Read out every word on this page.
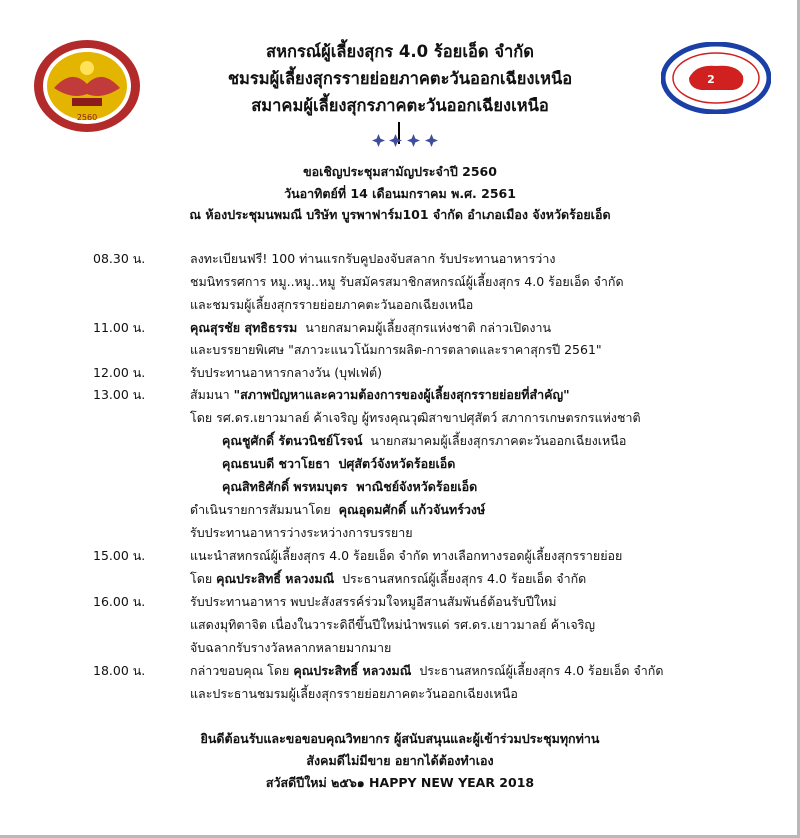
2560
2
สหกรณ์ผู้เลี้ยงสุกร 4.0 ร้อยเอ็ด จำกัด
ชมรมผู้เลี้ยงสุกรรายย่อยภาคตะวันออกเฉียงเหนือ
สมาคมผู้เลี้ยงสุกรภาคตะวันออกเฉียงเหนือ
ขอเชิญประชุมสามัญประจำปี 2560
วันอาทิตย์ที่ 14 เดือนมกราคม พ.ศ. 2561
ณ ห้องประชุมนพมณี บริษัท บูรพาฟาร์ม101 จำกัด อำเภอเมือง จังหวัดร้อยเอ็ด
08.30 น.	ลงทะเบียนฟรี! 100 ท่านแรกรับคูปองจับสลาก รับประทานอาหารว่าง
ชมนิทรรศการ หมู..หมู..หมู รับสมัครสมาชิกสหกรณ์ผู้เลี้ยงสุกร 4.0 ร้อยเอ็ด จำกัด
และชมรมผู้เลี้ยงสุกรรายย่อยภาคตะวันออกเฉียงเหนือ
11.00 น.	คุณสุรชัย สุทธิธรรม นายกสมาคมผู้เลี้ยงสุกรแห่งชาติ กล่าวเปิดงาน
และบรรยายพิเศษ "สภาวะแนวโน้มการผลิต-การตลาดและราคาสุกรปี 2561"
12.00 น.	รับประทานอาหารกลางวัน (บุฟเฟ่ต์)
13.00 น.	สัมมนา "สภาพปัญหาและความต้องการของผู้เลี้ยงสุกรรายย่อยที่สำคัญ"
โดย รศ.ดร.เยาวมาลย์ ค้าเจริญ ผู้ทรงคุณวุฒิสาขาปศุสัตว์ สภาการเกษตรกรแห่งชาติ
คุณชูศักดิ์ รัตนวนิชย์โรจน์ นายกสมาคมผู้เลี้ยงสุกรภาคตะวันออกเฉียงเหนือ
คุณธนบดี ชวาโยธา ปศุสัตว์จังหวัดร้อยเอ็ด
คุณสิทธิศักดิ์ พรหมบุตร พาณิชย์จังหวัดร้อยเอ็ด
ดำเนินรายการสัมมนาโดย คุณอุดมศักดิ์ แก้วจันทร์วงษ์
รับประทานอาหารว่างระหว่างการบรรยาย
15.00 น.	แนะนำสหกรณ์ผู้เลี้ยงสุกร 4.0 ร้อยเอ็ด จำกัด ทางเลือกทางรอดผู้เลี้ยงสุกรรายย่อย
โดย คุณประสิทธิ์ หลวงมณี ประธานสหกรณ์ผู้เลี้ยงสุกร 4.0 ร้อยเอ็ด จำกัด
16.00 น.	รับประทานอาหาร พบปะสังสรรค์ร่วมใจหมูอีสานสัมพันธ์ต้อนรับปีใหม่
แสดงมุทิตาจิต เนื่องในวาระดิถีขึ้นปีใหม่นำพรแด่ รศ.ดร.เยาวมาลย์ ค้าเจริญ
จับฉลากรับรางวัลหลากหลายมากมาย
18.00 น.	กล่าวขอบคุณ โดย คุณประสิทธิ์ หลวงมณี ประธานสหกรณ์ผู้เลี้ยงสุกร 4.0 ร้อยเอ็ด จำกัด
และประธานชมรมผู้เลี้ยงสุกรรายย่อยภาคตะวันออกเฉียงเหนือ
ยินดีต้อนรับและขอขอบคุณวิทยากร ผู้สนับสนุนและผู้เข้าร่วมประชุมทุกท่าน
สังคมดีไม่มีขาย อยากได้ต้องทำเอง
สวัสดีปีใหม่ ๒๕๖๑ HAPPY NEW YEAR 2018
